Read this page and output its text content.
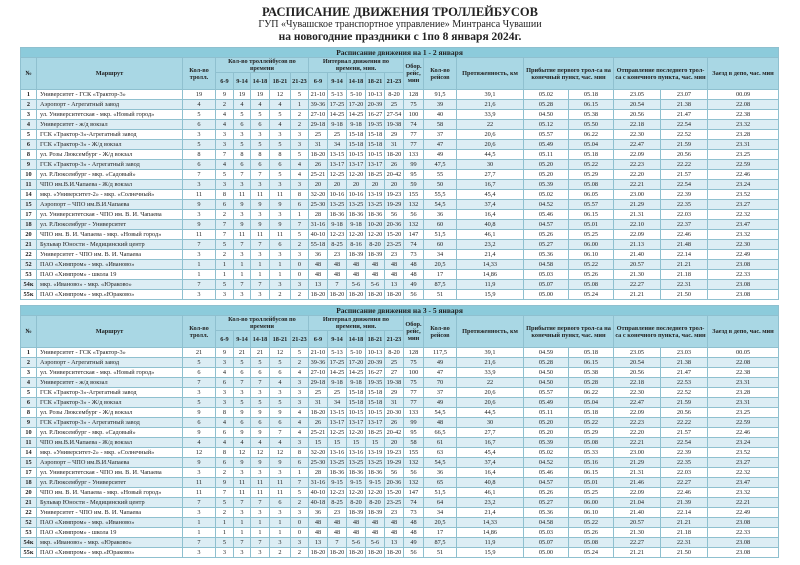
РАСПИСАНИЕ ДВИЖЕНИЯ ТРОЛЛЕЙБУСОВ
ГУП «Чувашское транспортное управление» Минтранса Чувашии
на новогодние праздники с 1по 8 января 2024г.
Расписание движения на 1 - 2 января																				
№	Маршрут	Кол-во тролл.	Кол-во троллейбусов по времени					Интервал движения по времени, мин.					Обор. рейс, мин	Кол-во рейсов	Протяженность, км	Прибытие первого трол-са на конечный пункт, час. мин		Отправление последнего трол-са с конечного пункта, час. мин		Заезд в депо, час. мин
			6-9	9-14	14-18	18-21	21-23	6-9	9-14	14-18	18-21	21-23								
1	Университет - ГСК «Трактор-3»	19	9	19	19	12	5	21-10	5-13	5-10	10-13	8-20	128	91,5	39,1	05.02	05.18	23.05	23.07	00.09
2	Аэропорт - Агрегатный завод	4	2	4	4	4	1	39-36	17-25	17-20	20-39	25	75	39	21,6	05.28	06.15	20.54	21.38	22.08
3	ул. Университетская - мкр. «Новый город»	5	4	5	5	5	2	27-10	14-25	14-25	16-27	27-54	100	40	33,9	04.50	05.38	20.56	21.47	22.38
4	Университет - ж/д вокзал	6	4	6	6	4	2	29-18	9-18	9-18	19-35	19-38	74	58	22	05.12	05.50	22.18	22.54	23.32
5	ГСК «Трактор-3»-Агрегатный завод	3	3	3	3	3	3	25	25	15-18	15-18	29	77	37	20,6	05.57	06.22	22.30	22.52	23.28
6	ГСК «Трактор-3» - Ж/д вокзал	5	3	5	5	5	3	31	34	15-18	15-18	31	77	47	20,6	05.49	05.04	22.47	21.59	23.31
8	ул. Розы Люксембург - Ж/д вокзал	8	7	8	8	8	5	18-20	13-15	10-15	10-15	18-20	133	49	44,5	05.11	05.18	22.09	20.56	23.25
9	ГСК «Трактор-3» - Агрегатный завод	6	4	6	6	6	4	26	13-17	13-17	13-17	26	99	47,5	30	05.20	05.22	22.23	22.22	22.59
10	ул. Р.Люксембург - мкр. «Садовый»	7	5	7	7	5	4	25-21	12-25	12-20	18-25	20-42	95	55	27,7	05.20	05.29	22.20	21.57	22.46
11	ЧПО им.В.И.Чапаева - Ж/д вокзал	3	3	3	3	3	3	20	20	20	20	20	59	50	16,7	05.39	05.08	22.21	22.54	23.24
14	мкр. «Университет-2» - мкр. «Солнечный»	11	8	11	11	11	8	32-20	10-16	10-16	13-19	19-23	155	55,5	45,4	05.02	06.05	23.00	22.39	23.52
15	Аэропорт – ЧПО им.В.И.Чапаева	9	6	9	9	9	6	25-30	13-25	13-25	13-25	19-29	132	54,5	37,4	04.52	05.57	21.29	22.35	23.27
17	ул. Университетская - ЧПО им. В. И. Чапаева	3	2	3	3	3	1	28	18-36	18-36	18-36	56	56	36	16,4	05.46	06.15	21.31	22.03	22.32
18	ул. Р.Люксембург - Университет	9	7	9	9	9	7	31-16	9-18	9-18	10-20	20-36	132	60	40,8	04.57	05.01	22.10	22.37	23.47
20	ЧПО им. В. И. Чапаева - мкр. «Новый город»	11	7	11	11	11	5	40-10	12-23	12-20	12-20	15-20	147	51,5	46,1	05.26	05.25	22.09	22.46	23.32
21	Бульвар Юности - Медицинский центр	7	5	7	7	6	2	55-18	8-25	8-16	8-20	23-25	74	60	23,2	05.27	06.00	21.13	21.48	22.30
22	Университет - ЧПО им. В. И. Чапаева	3	2	3	3	3	3	36	23	18-39	18-39	23	73	34	21,4	05.36	06.10	21.40	22.14	22.49
52	ПАО «Химпром» - мкр. «Иваново»	1	1	1	1	1	0	48	48	48	48	48	48	20,5	14,33	04.58	05.22	20.57	21.21	23.08
53	ПАО «Химпром» - школа 19	1	1	1	1	1	0	48	48	48	48	48	48	17	14,86	05.03	05.26	21.30	21.18	22.33
54к	мкр. «Иваново» - мкр. «Юраково»	7	5	7	7	3	3	13	7	5-6	5-6	13	49	87,5	11,9	05.07	05.08	22.27	22.31	23.08
55к	ПАО «Химпром» - мкр.«Юраково»	3	3	3	3	2	2	18-20	18-20	18-20	18-20	18-20	56	51	15,9	05.00	05.24	21.21	21.50	23.08
Расписание движения на 3 - 5 января																				
№	Маршрут	Кол-во тролл.	Кол-во троллейбусов по времени					Интервал движения по времени, мин.					Обор. рейс, мин	Кол-во рейсов	Протяженность, км	Прибытие первого трол-са на конечный пункт, час. мин		Отправление последнего трол-са с конечного пункта, час. мин		Заезд в депо, час. мин
			6-9	9-14	14-18	18-21	21-23	6-9	9-14	14-18	18-21	21-23								
1	Университет - ГСК «Трактор-3»	21	9	21	21	12	5	21-10	5-13	5-10	10-13	8-20	128	117,5	39,1	04.59	05.18	23.05	23.03	00.05
2	Аэропорт - Агрегатный завод	5	3	5	5	5	2	39-36	17-25	17-20	20-39	25	75	49	21,6	05.28	06.15	20.54	21.38	22.08
3	ул. Университетская - мкр. «Новый город»	6	4	6	6	6	4	27-10	14-25	14-25	16-27	27	100	47	33,9	04.50	05.38	20.56	21.47	22.38
4	Университет - ж/д вокзал	7	6	7	7	4	3	29-18	9-18	9-18	19-35	19-38	75	70	22	04.50	05.28	22.18	22.53	23.31
5	ГСК «Трактор-3»-Агрегатный завод	3	3	3	3	3	3	25	25	15-18	15-18	29	77	37	20,6	05.57	06.22	22.30	22.52	23.28
6	ГСК «Трактор-3» - Ж/д вокзал	5	3	5	5	5	3	31	34	15-18	15-18	31	77	49	20,6	05.49	05.04	22.47	21.59	23.31
8	ул. Розы Люксембург - Ж/д вокзал	9	8	9	9	9	4	18-20	13-15	10-15	10-15	20-30	133	54,5	44,5	05.11	05.18	22.09	20.56	23.25
9	ГСК «Трактор-3» - Агрегатный завод	6	4	6	6	6	4	26	13-17	13-17	13-17	26	99	48	30	05.20	05.22	22.23	22.22	22.59
10	ул. Р.Люксембург - мкр. «Садовый»	9	6	9	9	7	4	25-21	12-25	12-20	18-25	20-42	95	66,5	27,7	05.20	05.29	22.20	21.57	22.46
11	ЧПО им.В.И.Чапаева - Ж/д вокзал	4	4	4	4	4	3	15	15	15	15	20	58	61	16,7	05.39	05.08	22.21	22.54	23.24
14	мкр. «Университет-2» - мкр. «Солнечный»	12	8	12	12	12	8	32-20	13-16	13-16	13-19	19-23	155	63	45,4	05.02	05.33	23.00	22.39	23.52
15	Аэропорт – ЧПО им.В.И.Чапаева	9	6	9	9	9	6	25-30	13-25	13-25	13-25	19-29	132	54,5	37,4	04.52	05.16	21.29	22.35	23.27
17	ул. Университетская - ЧПО им. В. И. Чапаева	3	2	3	3	3	1	28	18-36	18-36	18-36	56	56	36	16,4	05.46	06.15	21.31	22.03	22.32
18	ул. Р.Люксембург - Университет	11	9	11	11	11	7	31-16	9-15	9-15	9-15	20-36	132	65	40,8	04.57	05.01	21.46	22.27	23.47
20	ЧПО им. В. И. Чапаева - мкр. «Новый город»	11	7	11	11	11	5	40-10	12-23	12-20	12-20	15-20	147	51,5	46,1	05.26	05.25	22.09	22.46	23.32
21	Бульвар Юности - Медицинский центр	7	5	7	7	6	2	40-18	8-25	8-20	8-20	23-25	74	64	23,2	05.27	06.00	21.04	21.39	22.21
22	Университет - ЧПО им. В. И. Чапаева	3	2	3	3	3	3	36	23	18-39	18-39	23	73	34	21,4	05.36	06.10	21.40	22.14	22.49
52	ПАО «Химпром» - мкр. «Иваново»	1	1	1	1	1	0	48	48	48	48	48	48	20,5	14,33	04.58	05.22	20.57	21.21	23.08
53	ПАО «Химпром» - школа 19	1	1	1	1	1	0	48	48	48	48	48	48	17	14,86	05.03	05.26	21.30	21.18	22.33
54к	мкр. «Иваново» - мкр. «Юраково»	7	5	7	7	3	3	13	7	5-6	5-6	13	49	87,5	11,9	05.07	05.08	22.27	22.31	23.08
55к	ПАО «Химпром» - мкр.«Юраково»	3	3	3	3	2	2	18-20	18-20	18-20	18-20	18-20	56	51	15,9	05.00	05.24	21.21	21.50	23.08
